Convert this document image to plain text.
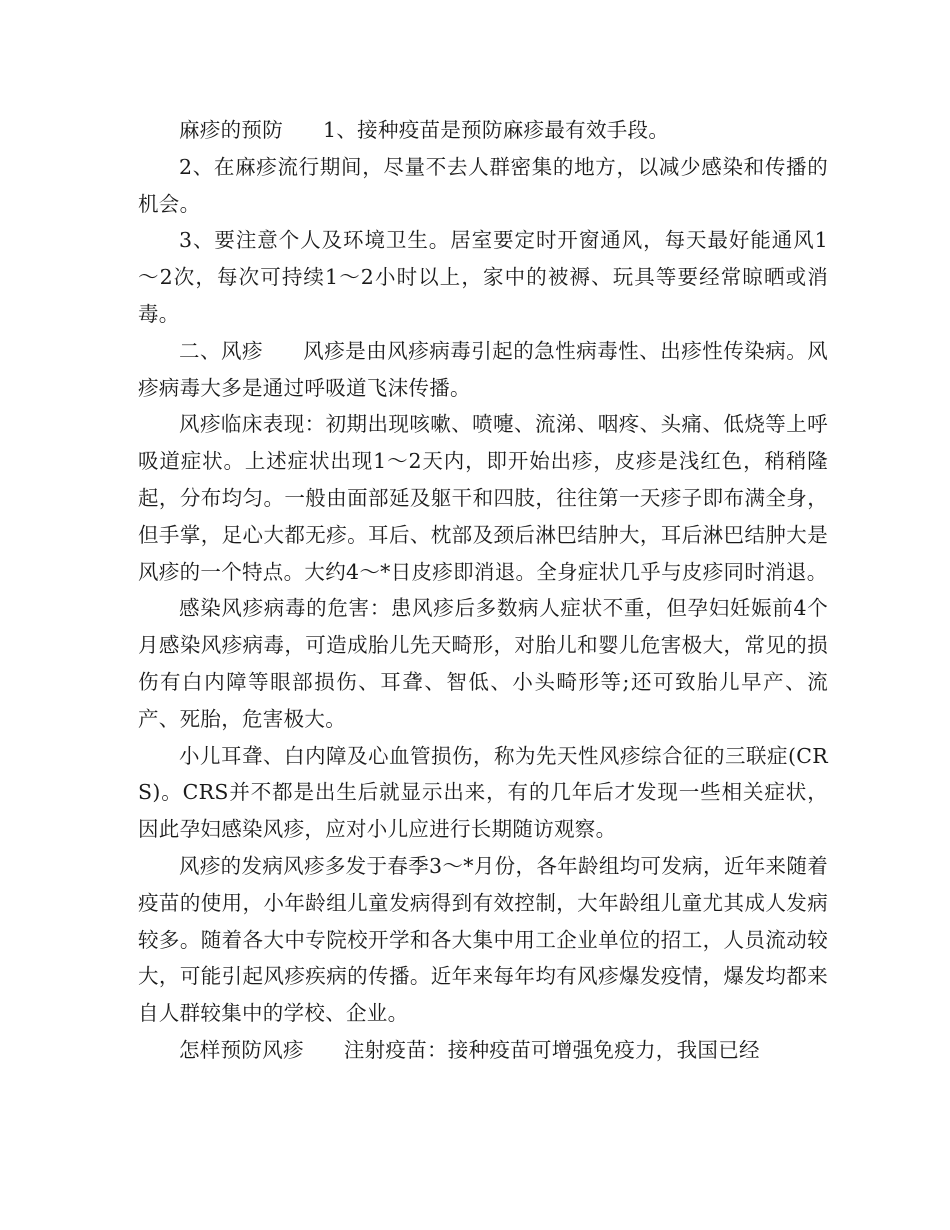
麻疹的预防 1、接种疫苗是预防麻疹最有效手段。

2、在麻疹流行期间，尽量不去人群密集的地方，以减少感染和传播的机会。

3、要注意个人及环境卫生。居室要定时开窗通风，每天最好能通风1～2次，每次可持续1～2小时以上，家中的被褥、玩具等要经常晾晒或消毒。

二、风疹 风疹是由风疹病毒引起的急性病毒性、出疹性传染病。风疹病毒大多是通过呼吸道飞沫传播。

风疹临床表现：初期出现咳嗽、喷嚏、流涕、咽疼、头痛、低烧等上呼吸道症状。上述症状出现1～2天内，即开始出疹，皮疹是浅红色，稍稍隆起，分布均匀。一般由面部延及躯干和四肢，往往第一天疹子即布满全身，但手掌，足心大都无疹。耳后、枕部及颈后淋巴结肿大，耳后淋巴结肿大是风疹的一个特点。大约4～*日皮疹即消退。全身症状几乎与皮疹同时消退。

感染风疹病毒的危害：患风疹后多数病人症状不重，但孕妇妊娠前4个月感染风疹病毒，可造成胎儿先天畸形，对胎儿和婴儿危害极大，常见的损伤有白内障等眼部损伤、耳聋、智低、小头畸形等;还可致胎儿早产、流产、死胎，危害极大。

小儿耳聋、白内障及心血管损伤，称为先天性风疹综合征的三联症(CRS)。CRS并不都是出生后就显示出来，有的几年后才发现一些相关症状，因此孕妇感染风疹，应对小儿应进行长期随访观察。

风疹的发病风疹多发于春季3～*月份，各年龄组均可发病，近年来随着疫苗的使用，小年龄组儿童发病得到有效控制，大年龄组儿童尤其成人发病较多。随着各大中专院校开学和各大集中用工企业单位的招工，人员流动较大，可能引起风疹疾病的传播。近年来每年均有风疹爆发疫情，爆发均都来自人群较集中的学校、企业。

怎样预防风疹 注射疫苗：接种疫苗可增强免疫力，我国已经
